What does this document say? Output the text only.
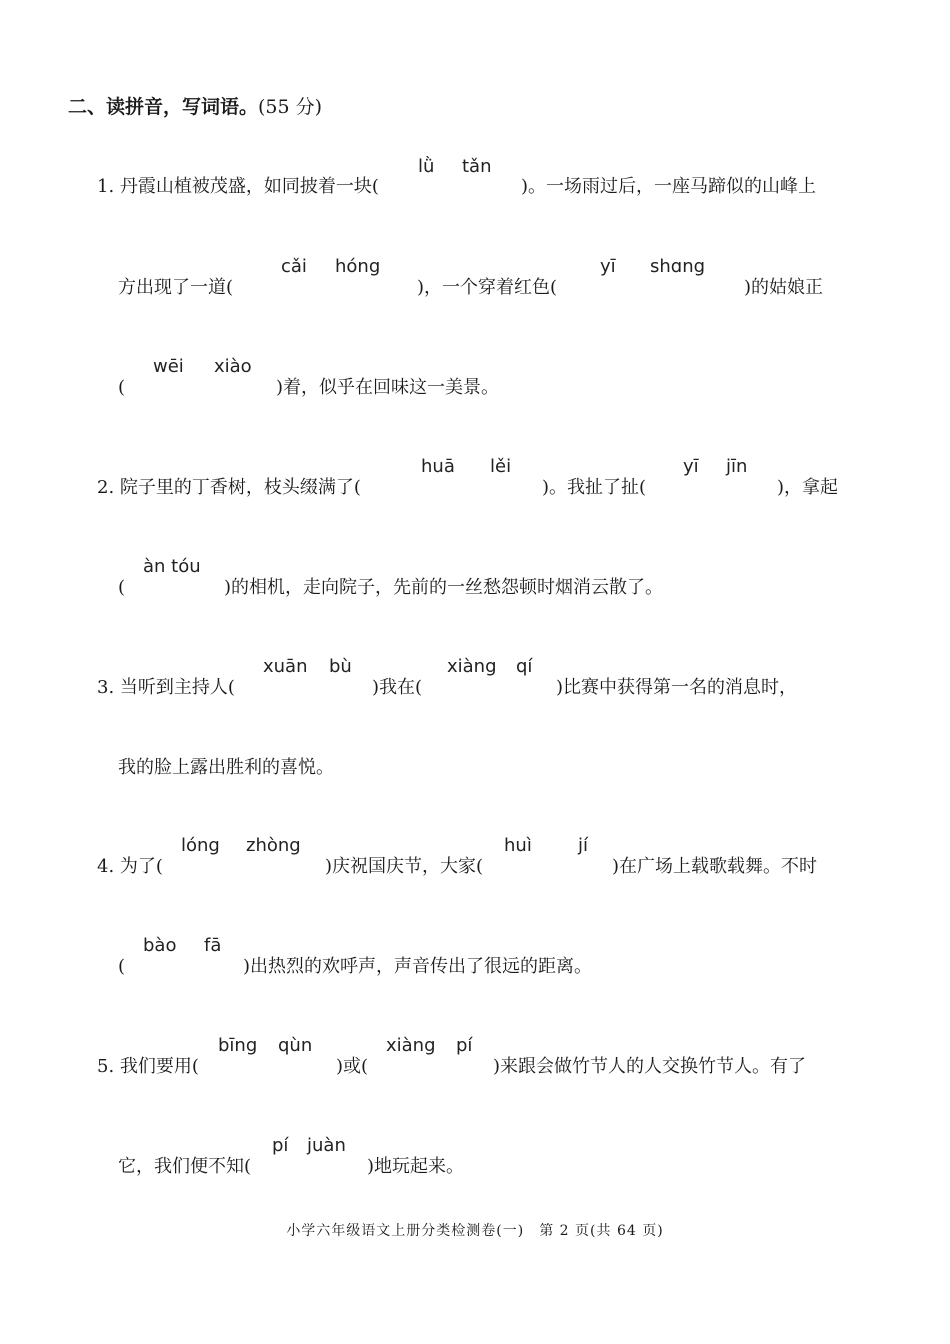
二、读拼音，写词语。(55 分)
lǜ tǎn
1. 丹霞山植被茂盛，如同披着一块(	)。一场雨过后，一座马蹄似的山峰上
cǎi hóng	yī shɑng
方出现了一道(	)，一个穿着红色(	)的姑娘正
wēi xiào
(	)着，似乎在回味这一美景。
huā lěi	yī jīn
2. 院子里的丁香树，枝头缀满了(	)。我扯了扯(	)，拿起
àn tóu
(	)的相机，走向院子，先前的一丝愁怨顿时烟消云散了。
xuān bù	xiàng qí
3. 当听到主持人(	)我在(	)比赛中获得第一名的消息时，
我的脸上露出胜利的喜悦。
lóng zhòng	huì	jí
4. 为了(	)庆祝国庆节，大家(	)在广场上载歌载舞。不时
bào fā
(	)出热烈的欢呼声，声音传出了很远的距离。
bīng qùn	xiàng pí
5. 我们要用(	)或(	)来跟会做竹节人的人交换竹节人。有了
pí juàn
它，我们便不知(	)地玩起来。
小学六年级语文上册分类检测卷(一)　第 2 页(共 64 页)
